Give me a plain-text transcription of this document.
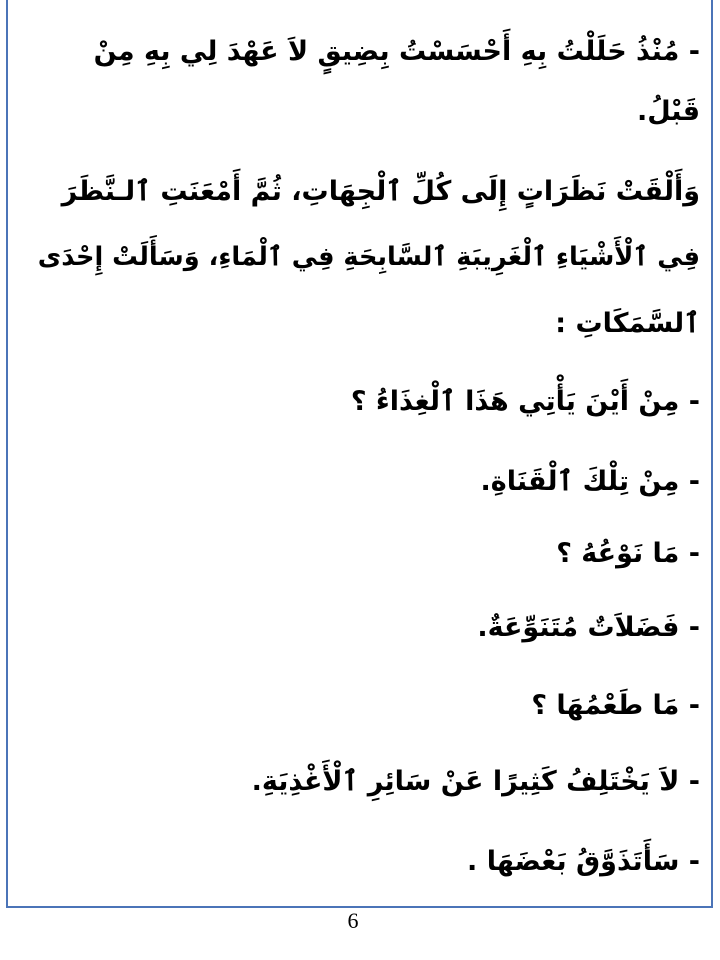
- مُنْذُ حَلَلْتُ بِهِ أَحْسَسْتُ بِضِيقٍ لاَ عَهْدَ لِي بِهِ مِنْ
قَبْلُ.
وَأَلْقَتْ نَظَرَاتٍ إِلَى كُلِّ ٱلْجِهَاتِ، ثُمَّ أَمْعَنَتِ ٱلـنَّظَرَ
فِي ٱلْأَشْيَاءِ ٱلْغَرِيبَةِ ٱلسَّابِحَةِ فِي ٱلْمَاءِ، وَسَأَلَتْ إِحْدَى
ٱلسَّمَكَاتِ :
- مِنْ أَيْنَ يَأْتِي هَذَا ٱلْغِذَاءُ ؟
- مِنْ تِلْكَ ٱلْقَنَاةِ.
- مَا نَوْعُهُ ؟
- فَضَلاَتٌ مُتَنَوِّعَةٌ.
- مَا طَعْمُهَا ؟
- لاَ يَخْتَلِفُ كَثِيرًا عَنْ سَائِرِ ٱلْأَغْذِيَةِ.
- سَأَتَذَوَّقُ بَعْضَهَا .
6
